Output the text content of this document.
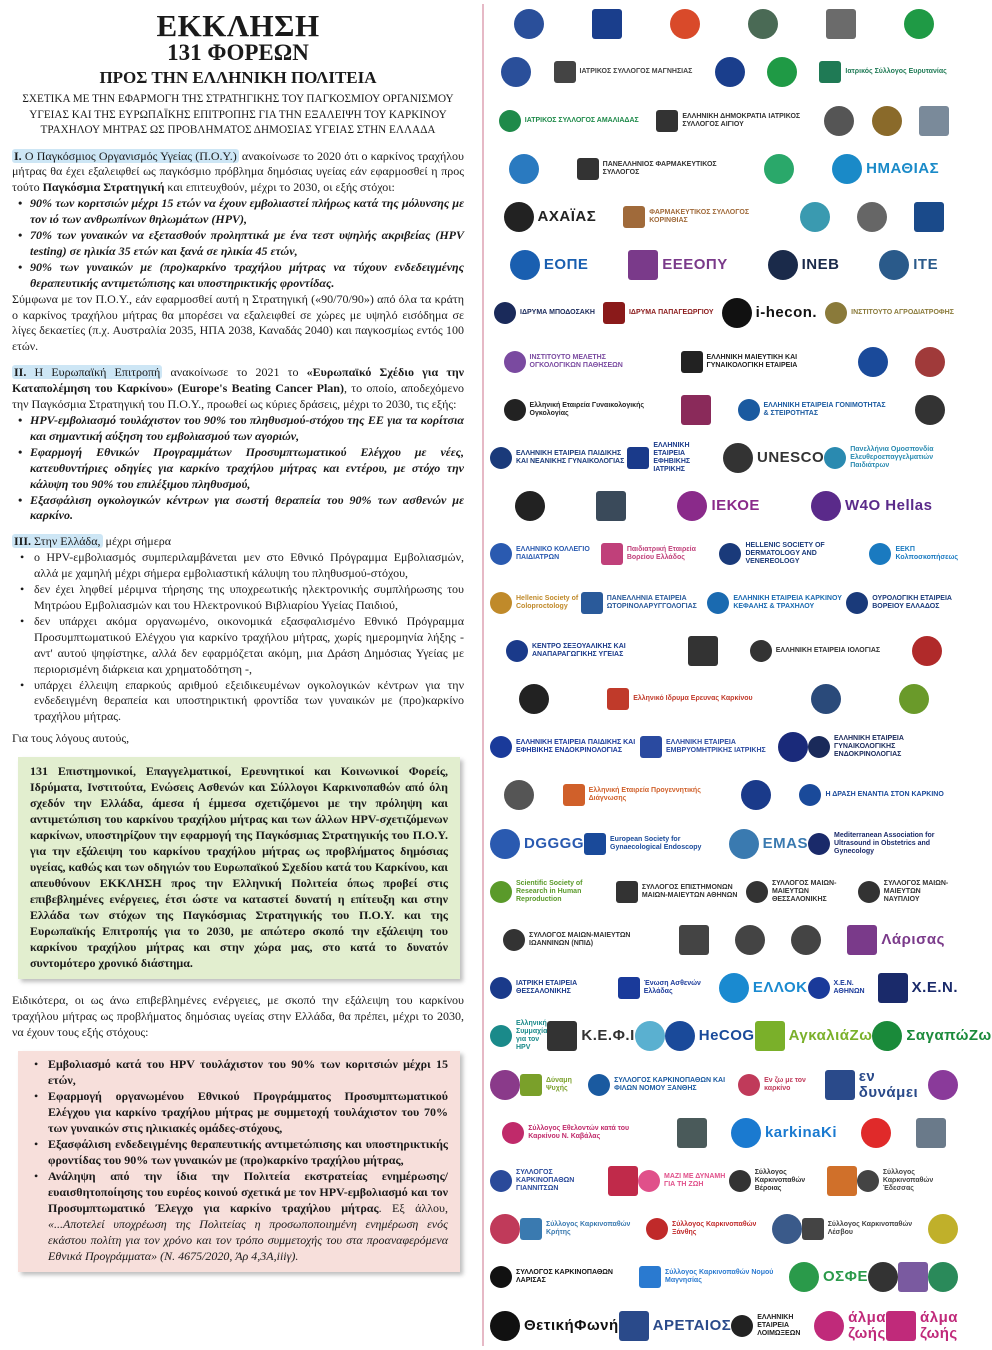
ΕΚΚΛΗΣΗ
131 ΦΟΡΕΩΝ
ΠΡΟΣ ΤΗΝ ΕΛΛΗΝΙΚΗ ΠΟΛΙΤΕΙΑ
ΣΧΕΤΙΚΑ ΜΕ ΤΗΝ ΕΦΑΡΜΟΓΗ ΤΗΣ ΣΤΡΑΤΗΓΙΚΗΣ ΤΟΥ ΠΑΓΚΟΣΜΙΟΥ ΟΡΓΑΝΙΣΜΟΥ ΥΓΕΙΑΣ ΚΑΙ ΤΗΣ ΕΥΡΩΠΑΪΚΗΣ ΕΠΙΤΡΟΠΗΣ ΓΙΑ ΤΗΝ ΕΞΑΛΕΙΨΗ ΤΟΥ ΚΑΡΚΙΝΟΥ ΤΡΑΧΗΛΟΥ ΜΗΤΡΑΣ ΩΣ ΠΡΟΒΛΗΜΑΤΟΣ ΔΗΜΟΣΙΑΣ ΥΓΕΙΑΣ ΣΤΗΝ ΕΛΛΑΔΑ

I. Ο Παγκόσμιος Οργανισμός Υγείας (Π.Ο.Υ.) ανακοίνωσε το 2020 ότι ο καρκίνος τραχήλου μήτρας θα έχει εξαλειφθεί ως παγκόσμιο πρόβλημα δημόσιας υγείας εάν εφαρμοσθεί η προς τούτο Παγκόσμια Στρατηγική και επιτευχθούν, μέχρι το 2030, οι εξής στόχοι:

• 90% των κοριτσιών μέχρι 15 ετών να έχουν εμβολιαστεί πλήρως κατά της μόλυνσης με τον ιό των ανθρωπίνων θηλωμάτων (HPV),
• 70% των γυναικών να εξετασθούν προληπτικά με ένα τεστ υψηλής ακριβείας (HPV testing) σε ηλικία 35 ετών και ξανά σε ηλικία 45 ετών,
• 90% των γυναικών με (προ)καρκίνο τραχήλου μήτρας να τύχουν ενδεδειγμένης θεραπευτικής αντιμετώπισης και υποστηρικτικής φροντίδας.

Σύμφωνα με τον Π.Ο.Υ., εάν εφαρμοσθεί αυτή η Στρατηγική («90/70/90») από όλα τα κράτη ο καρκίνος τραχήλου μήτρας θα μπορέσει να εξαλειφθεί σε χώρες με υψηλό εισόδημα σε λίγες δεκαετίες (π.χ. Αυστραλία 2035, ΗΠΑ 2038, Καναδάς 2040) και παγκοσμίως εντός 100 ετών.

II. Η Ευρωπαϊκή Επιτροπή ανακοίνωσε το 2021 το «Ευρωπαϊκό Σχέδιο για την Καταπολέμηση του Καρκίνου» (Europe's Beating Cancer Plan), το οποίο, αποδεχόμενο την Παγκόσμια Στρατηγική του Π.Ο.Υ., προωθεί ως κύριες δράσεις, μέχρι το 2030, τις εξής:

• HPV-εμβολιασμό τουλάχιστον του 90% του πληθυσμού-στόχου της ΕΕ για τα κορίτσια και σημαντική αύξηση του εμβολιασμού των αγοριών,
• Εφαρμογή Εθνικών Προγραμμάτων Προσυμπτωματικού Ελέγχου με νέες, κατευθυντήριες οδηγίες για καρκίνο τραχήλου μήτρας και εντέρου, με στόχο την κάλυψη του 90% του επιλέξιμου πληθυσμού,
• Εξασφάλιση ογκολογικών κέντρων για σωστή θεραπεία του 90% των ασθενών με καρκίνο.

III. Στην Ελλάδα, μέχρι σήμερα

• ο HPV-εμβολιασμός συμπεριλαμβάνεται μεν στο Εθνικό Πρόγραμμα Εμβολιασμών, αλλά με χαμηλή μέχρι σήμερα εμβολιαστική κάλυψη του πληθυσμού-στόχου,
• δεν έχει ληφθεί μέριμνα τήρησης της υποχρεωτικής ηλεκτρονικής συμπλήρωσης του Μητρώου Εμβολιασμών και του Ηλεκτρονικού Βιβλιαρίου Υγείας Παιδιού,
• δεν υπάρχει ακόμα οργανωμένο, οικονομικά εξασφαλισμένο Εθνικό Πρόγραμμα Προσυμπτωματικού Ελέγχου για καρκίνο τραχήλου μήτρας, χωρίς ημερομηνία λήξης - αντ' αυτού ψηφίστηκε, αλλά δεν εφαρμόζεται ακόμη, μια Δράση Δημόσιας Υγείας με περιορισμένη διάρκεια και χρηματοδότηση -,
• υπάρχει έλλειψη επαρκούς αριθμού εξειδικευμένων ογκολογικών κέντρων για την ενδεδειγμένη θεραπεία και υποστηρικτική φροντίδα των γυναικών με (προ)καρκίνο τραχήλου μήτρας.

Για τους λόγους αυτούς,

131 Επιστημονικοί, Επαγγελματικοί, Ερευνητικοί και Κοινωνικοί Φορείς, Ιδρύματα, Ινστιτούτα, Ενώσεις Ασθενών και Σύλλογοι Καρκινοπαθών από όλη σχεδόν την Ελλάδα, άμεσα ή έμμεσα σχετιζόμενοι με την πρόληψη και αντιμετώπιση του καρκίνου τραχήλου μήτρας και των άλλων HPV-σχετιζόμενων καρκίνων, υποστηρίζουν την εφαρμογή της Παγκόσμιας Στρατηγικής του Π.Ο.Υ. για την εξάλειψη του καρκίνου τραχήλου μήτρας ως προβλήματος δημόσιας υγείας, καθώς και των οδηγιών του Ευρωπαϊκού Σχεδίου κατά του Καρκίνου, και απευθύνουν ΕΚΚΛΗΣΗ προς την Ελληνική Πολιτεία όπως προβεί στις επιβεβλημένες ενέργειες, έτσι ώστε να καταστεί δυνατή η επίτευξη και στην Ελλάδα των στόχων της Παγκόσμιας Στρατηγικής του Π.Ο.Υ. και της Ευρωπαϊκής Επιτροπής για το 2030, με απώτερο σκοπό την εξάλειψη του καρκίνου τραχήλου μήτρας και στην χώρα μας, στο κατά το δυνατόν συντομότερο χρονικό διάστημα.

Ειδικότερα, οι ως άνω επιβεβλημένες ενέργειες, με σκοπό την εξάλειψη του καρκίνου τραχήλου μήτρας ως προβλήματος δημόσιας υγείας στην Ελλάδα, θα πρέπει, μέχρι το 2030, να έχουν τους εξής στόχους:

• Εμβολιασμό κατά του HPV τουλάχιστον του 90% των κοριτσιών μέχρι 15 ετών,
• Εφαρμογή οργανωμένου Εθνικού Προγράμματος Προσυμπτωματικού Ελέγχου για καρκίνο τραχήλου μήτρας με συμμετοχή τουλάχιστον του 70% των γυναικών στις ηλικιακές ομάδες-στόχους,
• Εξασφάλιση ενδεδειγμένης θεραπευτικής αντιμετώπισης και υποστηρικτικής φροντίδας του 90% των γυναικών με (προ)καρκίνο τραχήλου μήτρας,
• Ανάληψη από την ίδια την Πολιτεία εκστρατείας ενημέρωσης/ευαισθητοποίησης του ευρέος κοινού σχετικά με τον HPV-εμβολιασμό και τον Προσυμπτωματικό Έλεγχο για καρκίνο τραχήλου μήτρας. Εξ άλλου, «...Αποτελεί υποχρέωση της Πολιτείας η προσωποποιημένη ενημέρωση ενός εκάστου πολίτη για τον χρόνο και τον τρόπο συμμετοχής του στα προαναφερόμενα Εθνικά Προγράμματα» (Ν. 4675/2020, Άρ 4,3Α,iiiγ).
ΙΑΤΡΙΚΟΣ ΣΥΛΛΟΓΟΣ ΜΑΓΝΗΣΙΑΣ	Ιατρικός Σύλλογος Ευρυτανίας
ΙΑΤΡΙΚΟΣ ΣΥΛΛΟΓΟΣ ΑΜΑΛΙΑΔΑΣ
ΕΛΛΗΝΙΚΗ ΔΗΜΟΚΡΑΤΙΑ ΙΑΤΡΙΚΟΣ ΣΥΛΛΟΓΟΣ ΑΙΓΙΟΥ
ΠΑΝΕΛΛΗΝΙΟΣ ΦΑΡΜΑΚΕΥΤΙΚΟΣ ΣΥΛΛΟΓΟΣ	ΗΜΑΘΙΑΣ
ΑΧΑΪΑΣ	ΦΑΡΜΑΚΕΥΤΙΚΟΣ ΣΥΛΛΟΓΟΣ ΚΟΡΙΝΘΙΑΣ
ΕΟΠΕ	ΕΕΕΟΠΥ	INEB	ΙΤΕ
ΙΔΡΥΜΑ ΜΠΟΔΟΣΑΚΗ	ΙΔΡΥΜΑ ΠΑΠΑΓΕΩΡΓΙΟΥ	i-hecon.	ΙΝΣΤΙΤΟΥΤΟ ΑΓΡΟΔΙΑΤΡΟΦΗΣ
ΙΝΣΤΙΤΟΥΤΟ ΜΕΛΕΤΗΣ ΟΓΚΟΛΟΓΙΚΩΝ ΠΑΘΗΣΕΩΝ
ΕΛΛΗΝΙΚΗ ΜΑΙΕΥΤΙΚΗ ΚΑΙ ΓΥΝΑΙΚΟΛΟΓΙΚΗ ΕΤΑΙΡΕΙΑ
Ελληνική Εταιρεία Γυναικολογικής Ογκολογίας
ΕΛΛΗΝΙΚΗ ΕΤΑΙΡΕΙΑ ΓΟΝΙΜΟΤΗΤΑΣ & ΣΤΕΙΡΟΤΗΤΑΣ
ΕΛΛΗΝΙΚΗ ΕΤΑΙΡΕΙΑ ΠΑΙΔΙΚΗΣ ΚΑΙ ΝΕΑΝΙΚΗΣ ΓΥΝΑΙΚΟΛΟΓΙΑΣ
ΕΛΛΗΝΙΚΗ ΕΤΑΙΡΕΙΑ ΕΦΗΒΙΚΗΣ ΙΑΤΡΙΚΗΣ
UNESCO	Πανελλήνια Ομοσπονδία Ελευθεροεπαγγελματιών Παιδιάτρων
ΙΕΚΟΕ	W4O Hellas
ΕΛΛΗΝΙΚΟ ΚΟΛΛΕΓΙΟ ΠΑΙΔΙΑΤΡΩΝ
Παιδιατρική Εταιρεία Βορείου Ελλάδος
HELLENIC SOCIETY OF DERMATOLOGY AND VENEREOLOGY
ΕΕΚΠ Κολπoσκοπήσεως
Hellenic Society of Coloproctology
ΠΑΝΕΛΛΗΝΙΑ ΕΤΑΙΡΕΙΑ ΩΤΟΡΙΝΟΛΑΡΥΓΓΟΛΟΓΙΑΣ
ΕΛΛΗΝΙΚΗ ΕΤΑΙΡΕΙΑ ΚΑΡΚΙΝΟΥ ΚΕΦΑΛΗΣ & ΤΡΑΧΗΛΟΥ
ΟΥΡΟΛΟΓΙΚΗ ΕΤΑΙΡΕΙΑ ΒΟΡΕΙΟΥ ΕΛΛΑΔΟΣ
ΚΕΝΤΡΟ ΣΕΞΟΥΑΛΙΚΗΣ ΚΑΙ ΑΝΑΠΑΡΑΓΩΓΙΚΗΣ ΥΓΕΙΑΣ
ΕΛΛΗΝΙΚΗ ΕΤΑΙΡΕΙΑ ΙΟΛΟΓΙΑΣ
Ελληνικό Ιδρυμα Ερευνας Καρκίνου
ΕΛΛΗΝΙΚΗ ΕΤΑΙΡΕΙΑ ΠΑΙΔΙΚΗΣ ΚΑΙ ΕΦΗΒΙΚΗΣ ΕΝΔΟΚΡΙΝΟΛΟΓΙΑΣ
ΕΛΛΗΝΙΚΗ ΕΤΑΙΡΕΙΑ ΕΜΒΡΥΟΜΗΤΡΙΚΗΣ ΙΑΤΡΙΚΗΣ
ΕΛΛΗΝΙΚΗ ΕΤΑΙΡΕΙΑ ΓΥΝΑΙΚΟΛΟΓΙΚΗΣ ΕΝΔΟΚΡΙΝΟΛΟΓΙΑΣ
Ελληνική Εταιρεία Προγεννητικής Διάγνωσης
Η ΔΡΑΣΗ ΕΝΑΝΤΙΑ ΣΤΟΝ ΚΑΡΚΙΝΟ
DGGGG	European Society for Gynaecological Endoscopy	EMAS	Mediterranean Association for Ultrasound in Obstetrics and Gynecology
Scientific Society of Research in Human Reproduction
ΣΥΛΛΟΓΟΣ ΕΠΙΣΤΗΜΟΝΩΝ ΜΑΙΩΝ-ΜΑΙΕΥΤΩΝ ΑΘΗΝΩΝ
ΣΥΛΛΟΓΟΣ ΜΑΙΩΝ-ΜΑΙΕΥΤΩΝ ΘΕΣΣΑΛΟΝΙΚΗΣ
ΣΥΛΛΟΓΟΣ ΜΑΙΩΝ-ΜΑΙΕΥΤΩΝ ΝΑΥΠΛΙΟΥ
ΣΥΛΛΟΓΟΣ ΜΑΙΩΝ-ΜΑΙΕΥΤΩΝ ΙΩΑΝΝΙΝΩΝ (ΝΠΙΔ)	Λάρισας
ΙΑΤΡΙΚΗ ΕΤΑΙΡΕΙΑ ΘΕΣΣΑΛΟΝΙΚΗΣ
Ένωση Ασθενών Ελλάδας	ΕΛΛΟΚ	Χ.Ε.Ν. ΑΘΗΝΩΝ	Χ.Ε.Ν.
Ελληνική Συμμαχία για τον HPV
Κ.Ε.Φ.Ι	HeCOG ΑγκαλιάΖω ΣαγαπώΖω
Δύναμη Ψυχής
ΣΥΛΛΟΓΟΣ ΚΑΡΚΙΝΟΠΑΘΩΝ ΚΑΙ ΦΙΛΩΝ ΝΟΜΟΥ ΞΑΝΘΗΣ
Εν ζω με τον καρκίνο
εν δυνάμει
Σύλλογος Εθελοντών κατά του Καρκίνου Ν. Καβάλας	karkinaKi
ΣΥΛΛΟΓΟΣ ΚΑΡΚΙΝΟΠΑΘΩΝ ΓΙΑΝΝΙΤΣΩΝ
ΜΑΖΙ ΜΕ ΔΥΝΑΜΗ ΓΙΑ ΤΗ ΖΩΗ
Σύλλογος Καρκινοπαθών Βέροιας
Σύλλογος Καρκινοπαθών Έδεσσας
Σύλλογος Καρκινοπαθών Κρήτης
Σύλλογος Καρκινοπαθών Ξάνθης
Σύλλογος Καρκινοπαθών Λέσβου
ΣΥΛΛΟΓΟΣ ΚΑΡΚΙΝΟΠΑΘΩΝ ΛΑΡΙΣΑΣ
Σύλλογος Καρκινοπαθών Νομού Μαγνησίας	ΟΣΦΕ
ΘετικήΦωνή ΑΡΕΤΑΙΟΣ	ΕΛΛΗΝΙΚΗ ΕΤΑΙΡΕΙΑ ΛΟΙΜΩΞΕΩΝ
άλμα ζωής
άλμα ζωής
